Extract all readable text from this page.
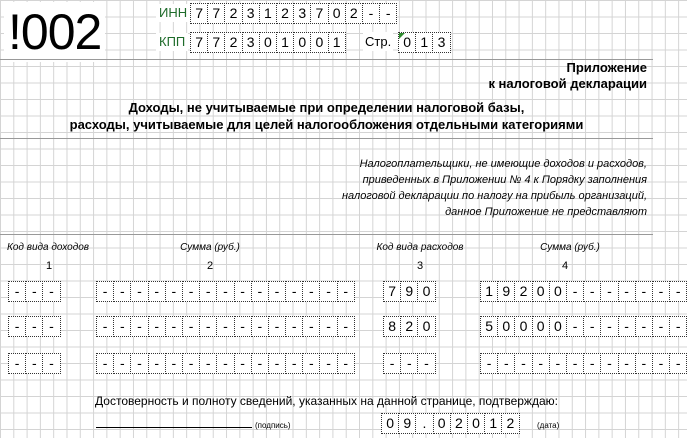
!002	ИНН 7 7 2 3 1 2 3 7 0 2 - -
КПП 7 7 2 3 0 1 0 0 1	Стр. 0 1 3
Приложение
к налоговой декларации
Доходы, не учитываемые при определении налоговой базы,
расходы, учитываемые для целей налогообложения отдельными категориями
Налогоплательщики, не имеющие доходов и расходов,
приведенных в Приложении № 4 к Порядку заполнения
налоговой декларации по налогу на прибыль организаций,
данное Приложение не представляют
Код вида доходов	Сумма (руб.)	Код вида расходов	Сумма (руб.)
1	2	3	4
- - -	- - - - - - - - - - - - - - -	7 9 0	1 9 2 0 0 - - - - - - -
- - -	- - - - - - - - - - - - - - -	8 2 0	5 0 0 0 0 - - - - - - -
- - -	- - - - - - - - - - - - - - -	- - -	- - - - - - - - - - - -
Достоверность и полноту сведений, указанных на данной странице, подтверждаю:
(подпись)	0 9 . 0 2 0 1 2	(дата)
